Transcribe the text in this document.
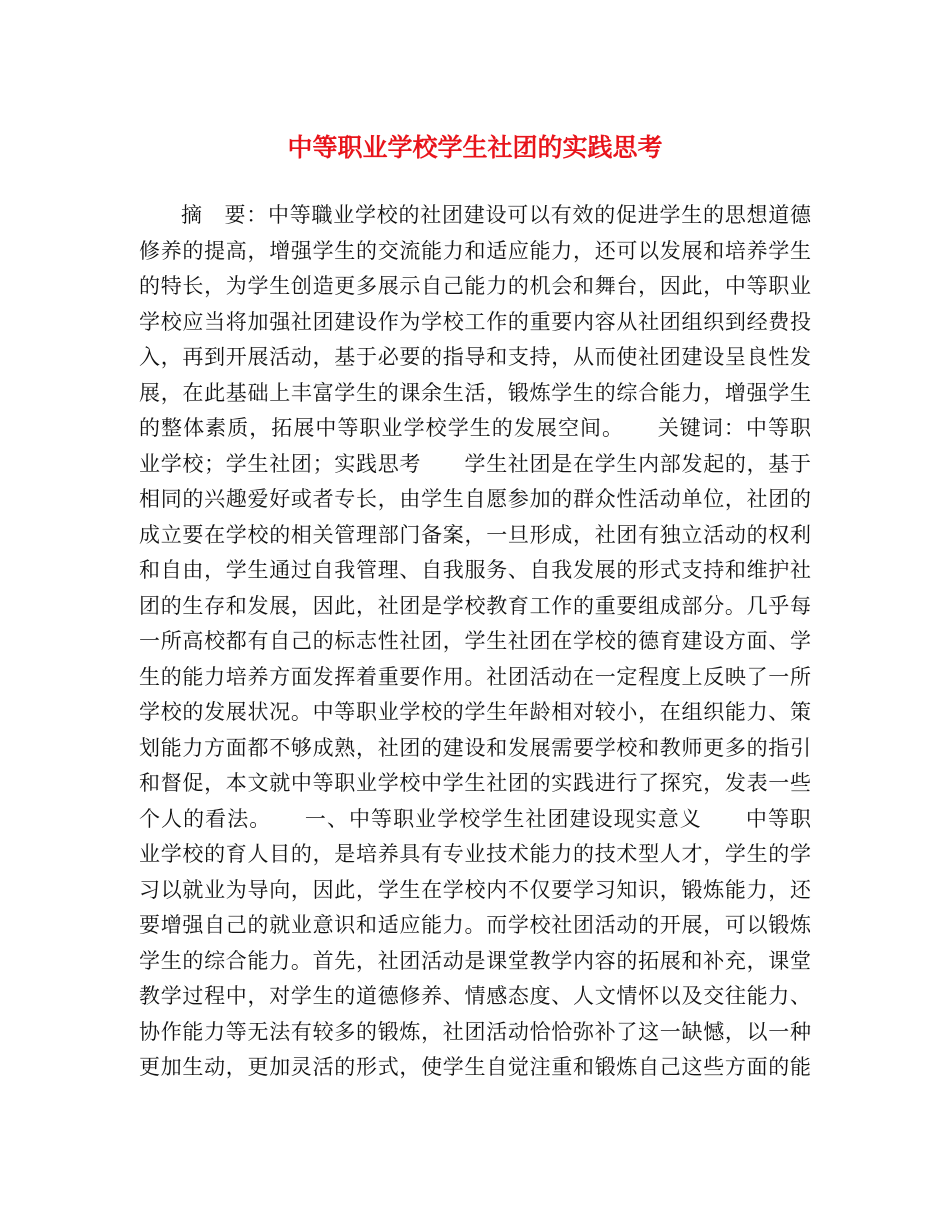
中等职业学校学生社团的实践思考
摘　要：中等職业学校的社团建设可以有效的促进学生的思想道德
修养的提高，增强学生的交流能力和适应能力，还可以发展和培养学生
的特长，为学生创造更多展示自己能力的机会和舞台，因此，中等职业
学校应当将加强社团建设作为学校工作的重要内容从社团组织到经费投
入，再到开展活动，基于必要的指导和支持，从而使社团建设呈良性发
展，在此基础上丰富学生的课余生活，锻炼学生的综合能力，增强学生
的整体素质，拓展中等职业学校学生的发展空间。　　关键词：中等职
业学校；学生社团；实践思考　　学生社团是在学生内部发起的，基于
相同的兴趣爱好或者专长，由学生自愿参加的群众性活动单位，社团的
成立要在学校的相关管理部门备案，一旦形成，社团有独立活动的权利
和自由，学生通过自我管理、自我服务、自我发展的形式支持和维护社
团的生存和发展，因此，社团是学校教育工作的重要组成部分。几乎每
一所高校都有自己的标志性社团，学生社团在学校的德育建设方面、学
生的能力培养方面发挥着重要作用。社团活动在一定程度上反映了一所
学校的发展状况。中等职业学校的学生年龄相对较小，在组织能力、策
划能力方面都不够成熟，社团的建设和发展需要学校和教师更多的指引
和督促，本文就中等职业学校中学生社团的实践进行了探究，发表一些
个人的看法。　　一、中等职业学校学生社团建设现实意义　　中等职
业学校的育人目的，是培养具有专业技术能力的技术型人才，学生的学
习以就业为导向，因此，学生在学校内不仅要学习知识，锻炼能力，还
要增强自己的就业意识和适应能力。而学校社团活动的开展，可以锻炼
学生的综合能力。首先，社团活动是课堂教学内容的拓展和补充，课堂
教学过程中，对学生的道德修养、情感态度、人文情怀以及交往能力、
协作能力等无法有较多的锻炼，社团活动恰恰弥补了这一缺憾，以一种
更加生动，更加灵活的形式，使学生自觉注重和锻炼自己这些方面的能
